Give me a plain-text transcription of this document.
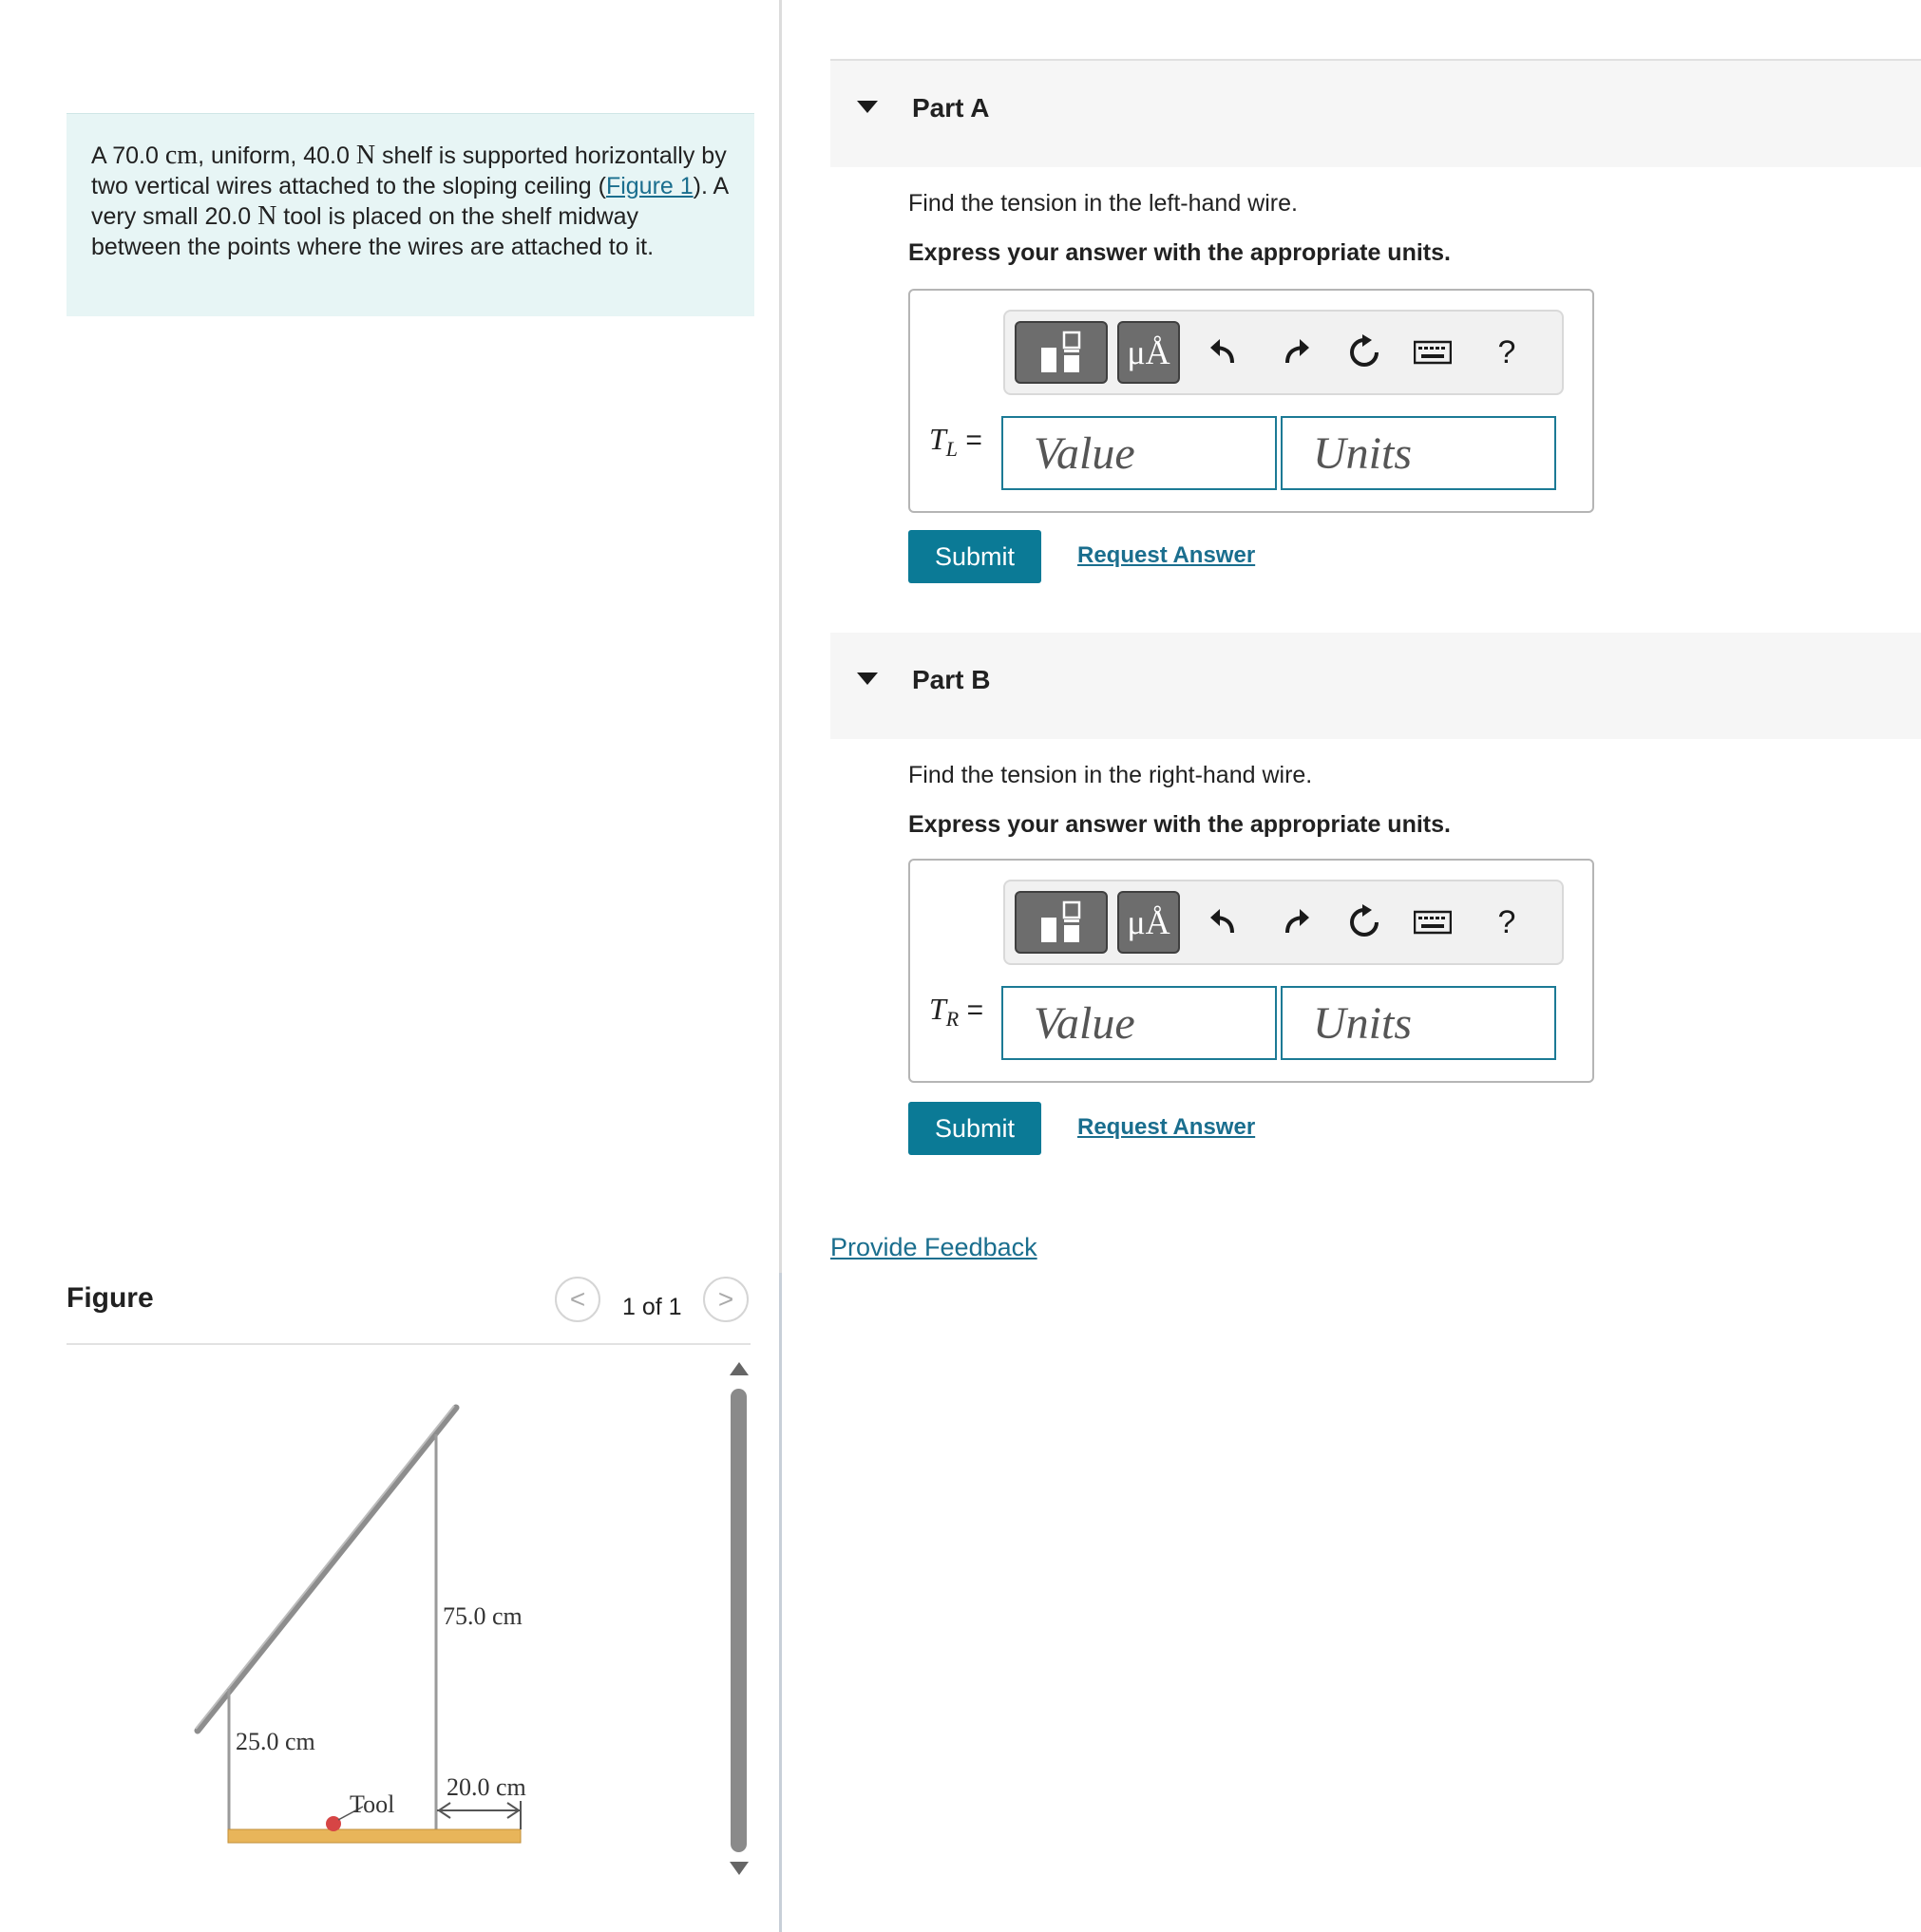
A 70.0 cm, uniform, 40.0 N shelf is supported horizontally by two vertical wires attached to the sloping ceiling (Figure 1). A very small 20.0 N tool is placed on the shelf midway between the points where the wires are attached to it.
Figure	< 1 of 1 >
75.0 cm
25.0 cm
Tool
20.0 cm
Part A
Find the tension in the left-hand wire.
Express your answer with the appropriate units.
μÅ	?
$T_L$ =
Value
Units
Submit	Request Answer
Part B
Find the tension in the right-hand wire.
Express your answer with the appropriate units.
μÅ	?
$T_R$ =
Value
Units
Submit	Request Answer
Provide Feedback
